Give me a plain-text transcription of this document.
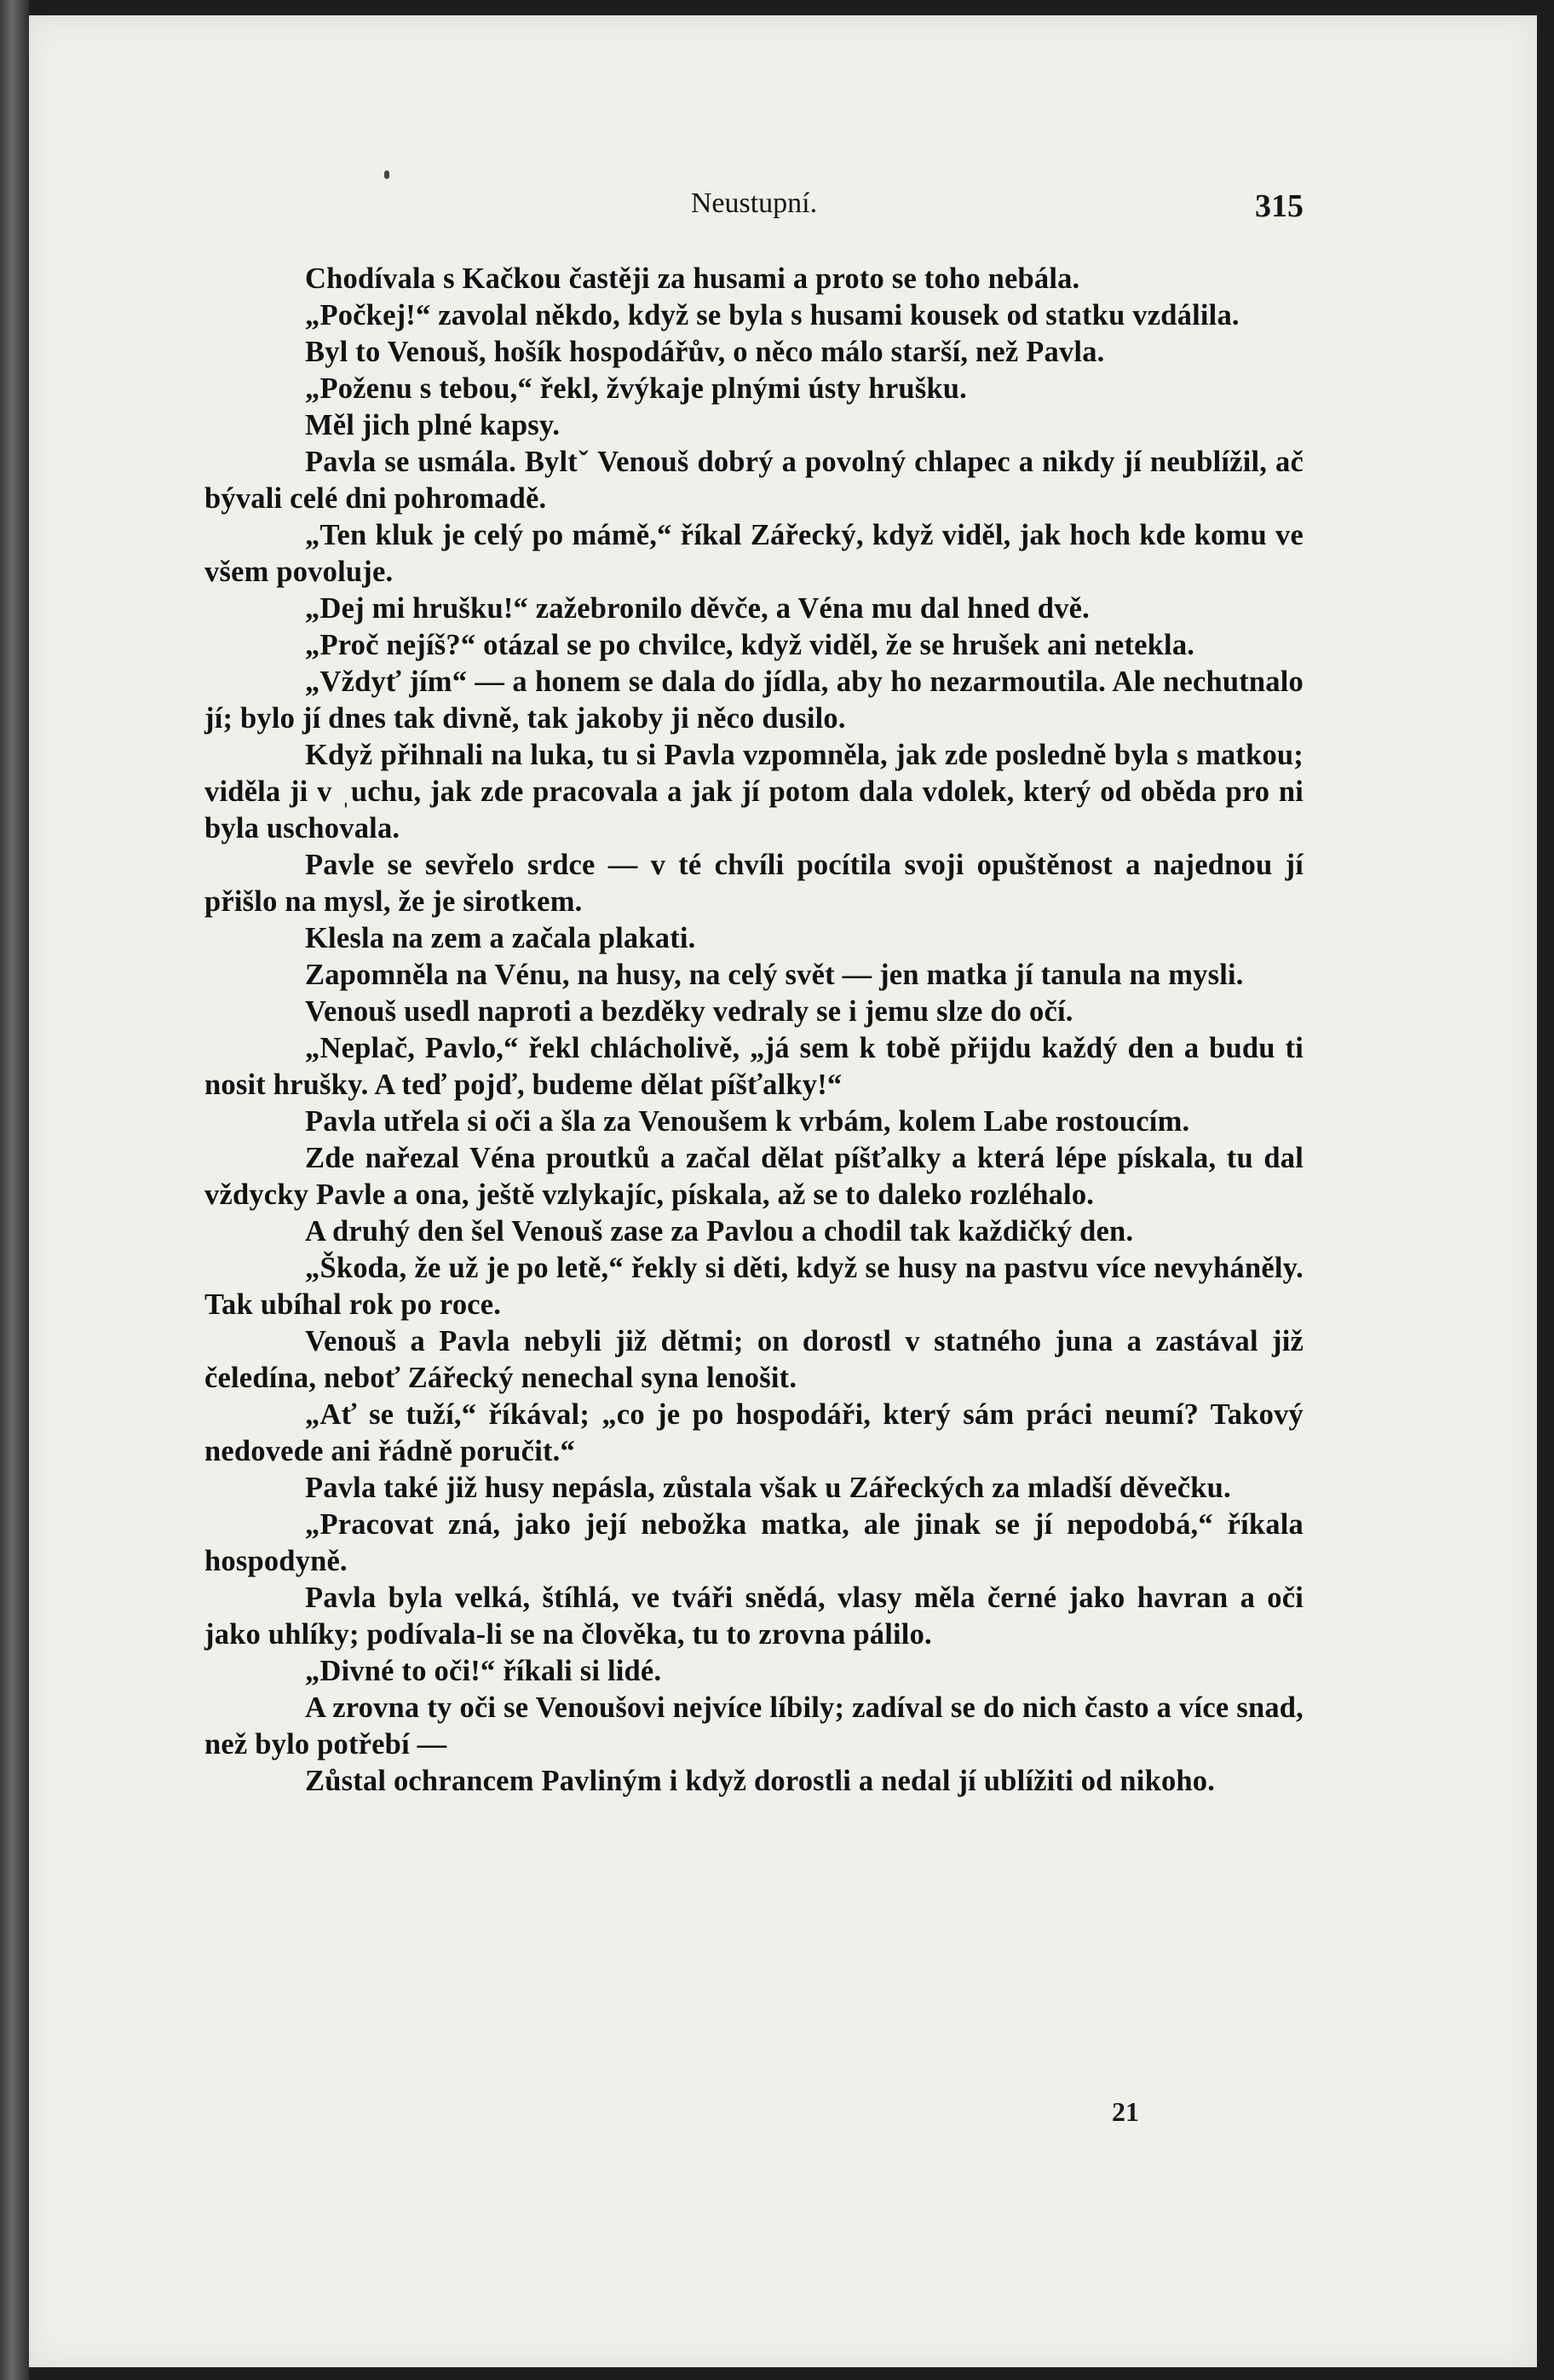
Neustupní.	315

Chodívala s Kačkou častěji za husami a proto se toho nebála.

„Počkej!“ zavolal někdo, když se byla s husami kousek od statku vzdálila.

Byl to Venouš, hošík hospodářův, o něco málo starší, než Pavla.

„Poženu s tebou,“ řekl, žvýkaje plnými ústy hrušku.

Měl jich plné kapsy.

Pavla se usmála. Byltˇ Venouš dobrý a povolný chlapec a nikdy jí neublížil, ač bývali celé dni pohromadě.

„Ten kluk je celý po mámě,“ říkal Zářecký, když viděl, jak hoch kde komu ve všem povoluje.

„Dej mi hrušku!“ zažebronilo děvče, a Véna mu dal hned dvě.

„Proč nejíš?“ otázal se po chvilce, když viděl, že se hrušek ani netekla.

„Vždyť jím“ — a honem se dala do jídla, aby ho nezarmoutila. Ale nechutnalo jí; bylo jí dnes tak divně, tak jakoby ji něco dusilo.

Když přihnali na luka, tu si Pavla vzpomněla, jak zde posledně byla s matkou; viděla ji v ˌuchu, jak zde pracovala a jak jí potom dala vdolek, který od oběda pro ni byla uschovala.

Pavle se sevřelo srdce — v té chvíli pocítila svoji opuštěnost a najednou jí přišlo na mysl, že je sirotkem.

Klesla na zem a začala plakati.

Zapomněla na Vénu, na husy, na celý svět — jen matka jí tanula na mysli.

Venouš usedl naproti a bezděky vedraly se i jemu slze do očí.

„Neplač, Pavlo,“ řekl chlácholivě, „já sem k tobě přijdu každý den a budu ti nosit hrušky. A teď pojď, budeme dělat píšťalky!“

Pavla utřela si oči a šla za Venoušem k vrbám, kolem Labe rostoucím.

Zde nařezal Véna proutků a začal dělat píšťalky a která lépe pískala, tu dal vždycky Pavle a ona, ještě vzlykajíc, pískala, až se to daleko rozléhalo.

A druhý den šel Venouš zase za Pavlou a chodil tak každičký den.

„Škoda, že už je po letě,“ řekly si děti, když se husy na pastvu více nevyháněly. Tak ubíhal rok po roce.

Venouš a Pavla nebyli již dětmi; on dorostl v statného juna a zastával již čeledína, neboť Zářecký nenechal syna lenošit.

„Ať se tuží,“ říkával; „co je po hospodáři, který sám práci neumí? Takový nedovede ani řádně poručit.“

Pavla také již husy nepásla, zůstala však u Zářeckých za mladší děvečku.

„Pracovat zná, jako její nebožka matka, ale jinak se jí nepodobá,“ říkala hospodyně.

Pavla byla velká, štíhlá, ve tváři snědá, vlasy měla černé jako havran a oči jako uhlíky; podívala-li se na člověka, tu to zrovna pálilo.

„Divné to oči!“ říkali si lidé.

A zrovna ty oči se Venoušovi nejvíce líbily; zadíval se do nich často a více snad, než bylo potřebí —

Zůstal ochrancem Pavliným i když dorostli a nedal jí ublížiti od nikoho.

21
